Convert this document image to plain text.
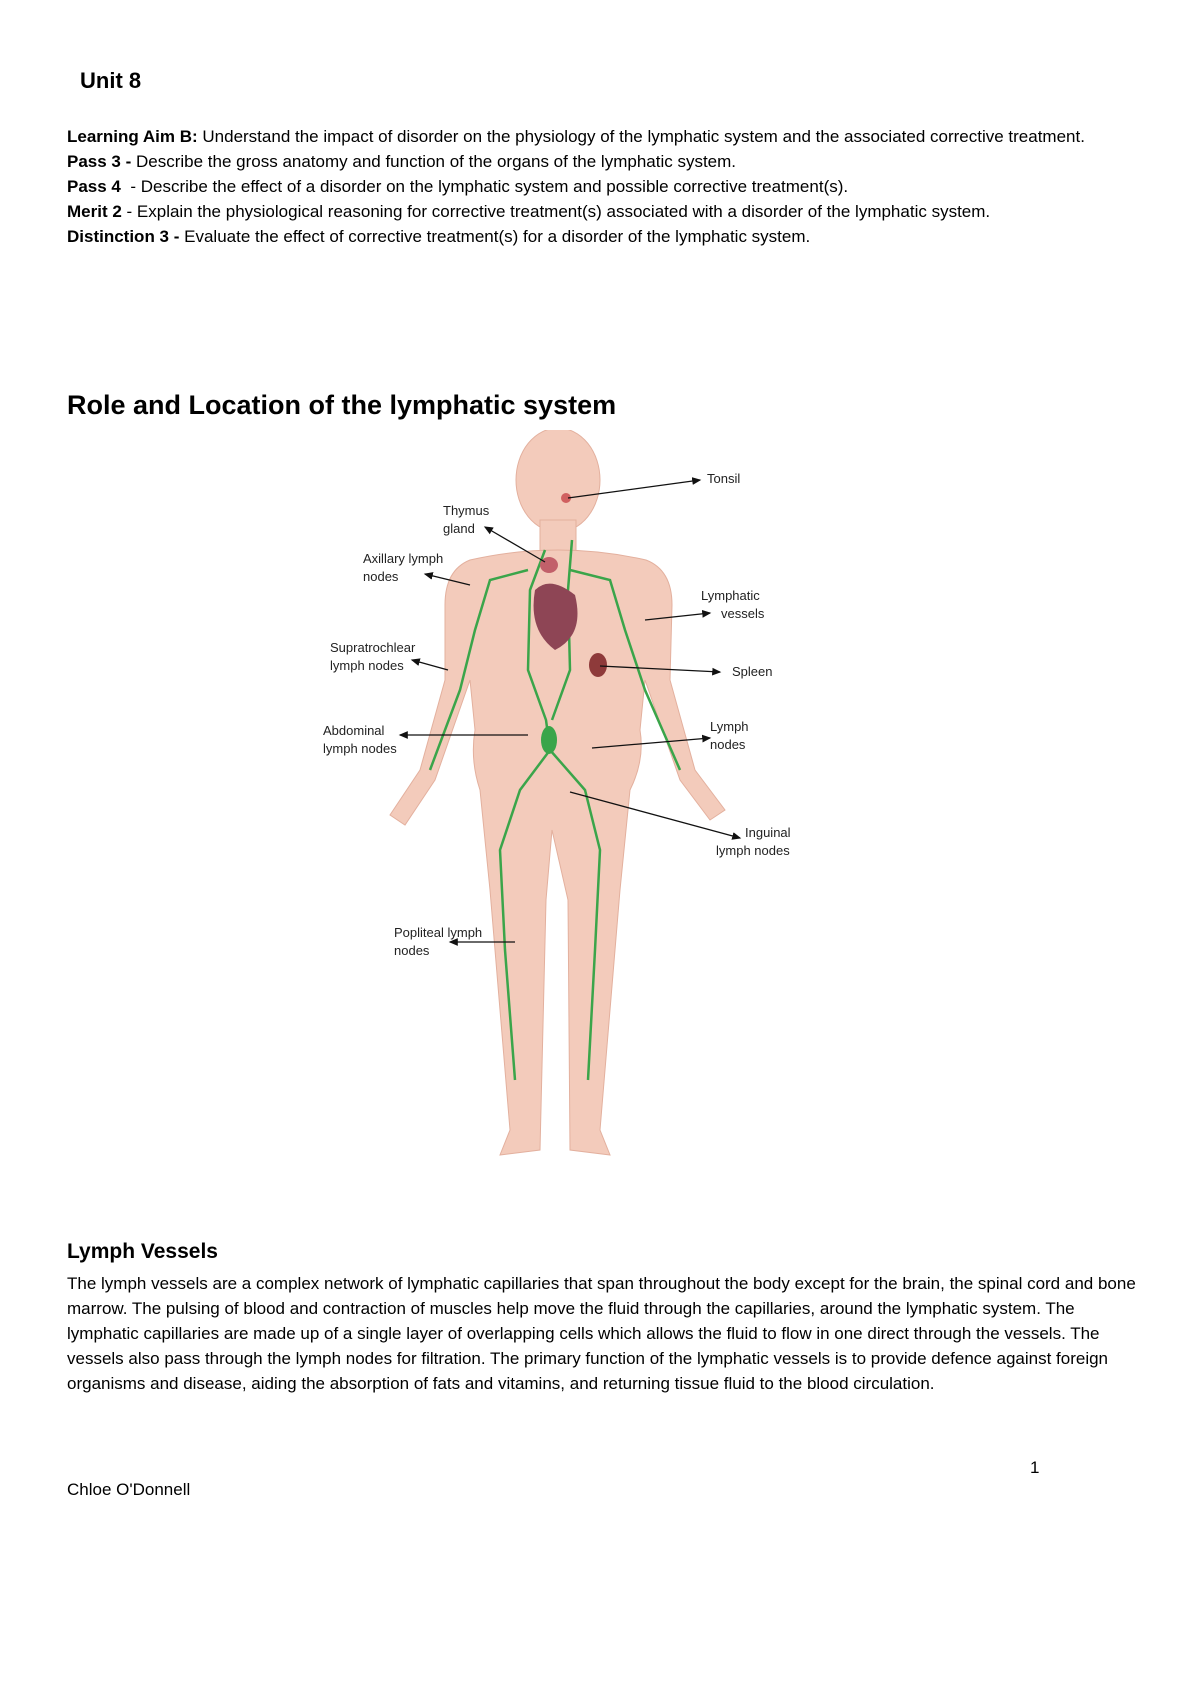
Unit 8
Learning Aim B: Understand the impact of disorder on the physiology of the lymphatic system and the associated corrective treatment.
Pass 3 - Describe the gross anatomy and function of the organs of the lymphatic system.
Pass 4  - Describe the effect of a disorder on the lymphatic system and possible corrective treatment(s).
Merit 2 - Explain the physiological reasoning for corrective treatment(s) associated with a disorder of the lymphatic system.
Distinction 3 - Evaluate the effect of corrective treatment(s) for a disorder of the lymphatic system.
Role and Location of the lymphatic system
Tonsil
Thymus
gland
Axillary lymph
nodes
Lymphatic
vessels
Supratrochlear
lymph nodes	Spleen
Abdominal
lymph nodes
Lymph
nodes
Inguinal
lymph nodes
Popliteal lymph
nodes
Lymph Vessels
The lymph vessels are a complex network of lymphatic capillaries that span throughout the body except for the brain, the spinal cord and bone marrow. The pulsing of blood and contraction of muscles help move the fluid through the capillaries, around the lymphatic system. The lymphatic capillaries are made up of a single layer of overlapping cells which allows the fluid to flow in one direct through the vessels. The vessels also pass through the lymph nodes for filtration. The primary function of the lymphatic vessels is to provide defence against foreign organisms and disease, aiding the absorption of fats and vitamins, and returning tissue fluid to the blood circulation.
1
Chloe O'Donnell
